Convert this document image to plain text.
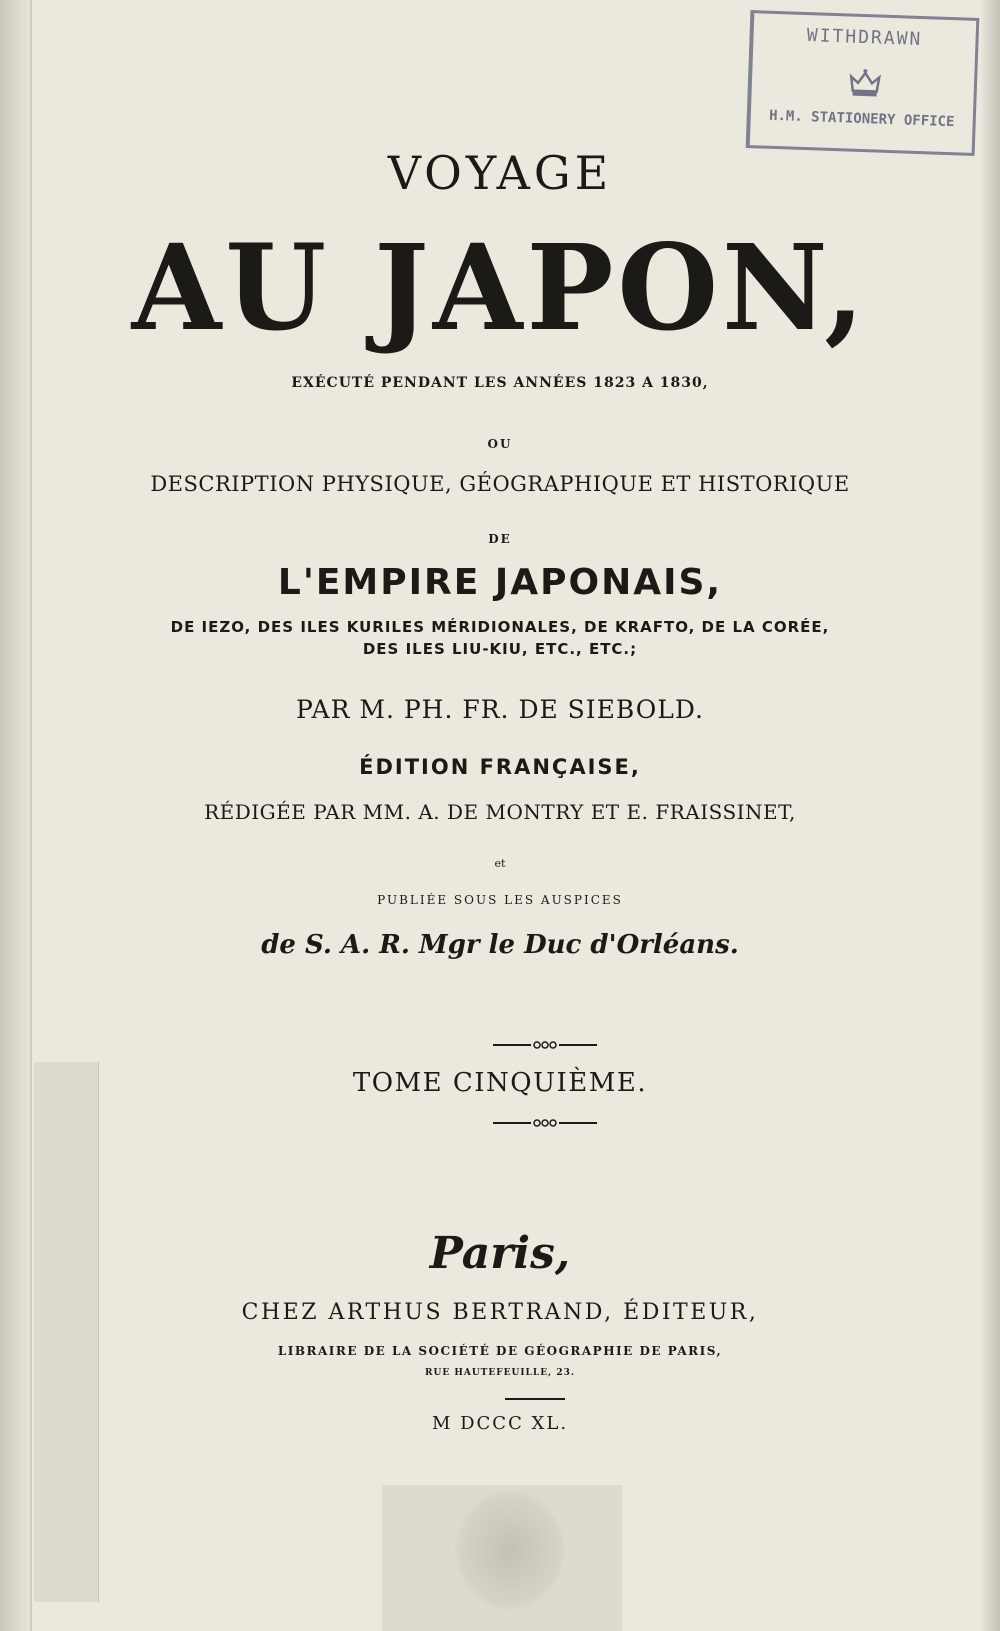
WITHDRAWN
H.M. STATIONERY OFFICE
VOYAGE
AU JAPON,
EXÉCUTÉ PENDANT LES ANNÉES 1823 A 1830,
OU
DESCRIPTION PHYSIQUE, GÉOGRAPHIQUE ET HISTORIQUE
DE
L'EMPIRE JAPONAIS,
DE IEZO, DES ILES KURILES MÉRIDIONALES, DE KRAFTO, DE LA CORÉE,
DES ILES LIU-KIU, ETC., ETC.;
PAR M. PH. FR. DE SIEBOLD.
ÉDITION FRANÇAISE,
RÉDIGÉE PAR MM. A. DE MONTRY ET E. FRAISSINET,
et
PUBLIÉE SOUS LES AUSPICES
de S. A. R. Mgr le Duc d'Orléans.
TOME CINQUIÈME.
Paris,
CHEZ ARTHUS BERTRAND, ÉDITEUR,
LIBRAIRE DE LA SOCIÉTÉ DE GÉOGRAPHIE DE PARIS,
RUE HAUTEFEUILLE, 23.
M DCCC XL.
